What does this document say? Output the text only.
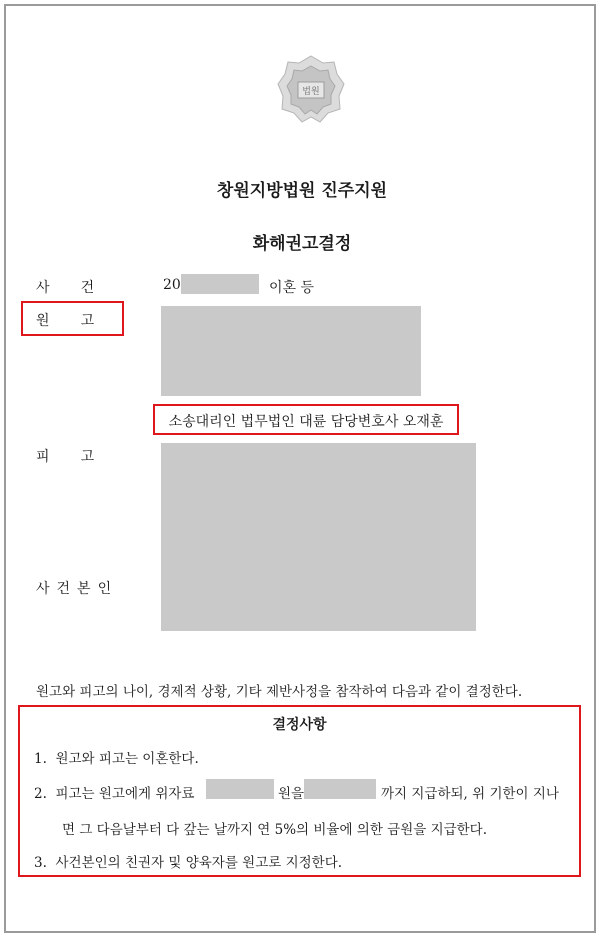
법원
창원지방법원 진주지원
화해권고결정
사       건	20	이혼 등
원       고
소송대리인 법무법인 대륜 담당변호사 오재훈
피       고
사건본인
원고와 피고의 나이, 경제적 상황, 기타 제반사정을 참작하여 다음과 같이 결정한다.
결정사항
1.  원고와 피고는 이혼한다.
2.  피고는 원고에게 위자료	원을	까지 지급하되, 위 기한이 지나
면 그 다음날부터 다 갚는 날까지 연 5%의 비율에 의한 금원을 지급한다.
3.  사건본인의 친권자 및 양육자를 원고로 지정한다.
